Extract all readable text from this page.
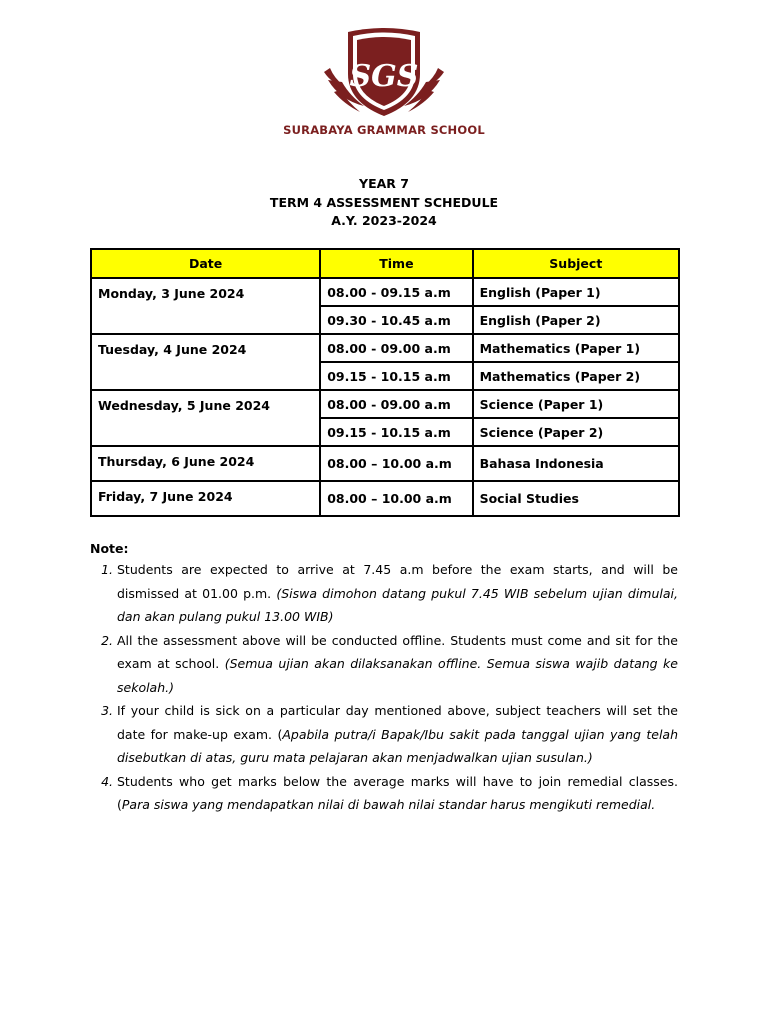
SGS
SURABAYA GRAMMAR SCHOOL
YEAR 7
TERM 4 ASSESSMENT SCHEDULE
A.Y. 2023-2024
Date	Time	Subject
Monday, 3 June 2024	08.00 - 09.15 a.m	English (Paper 1)
	09.30 - 10.45 a.m	English (Paper 2)
Tuesday, 4 June 2024	08.00 - 09.00 a.m	Mathematics (Paper 1)
	09.15 - 10.15 a.m	Mathematics (Paper 2)
Wednesday, 5 June 2024	08.00 - 09.00 a.m	Science (Paper 1)
	09.15 - 10.15 a.m	Science (Paper 2)
Thursday, 6 June 2024	08.00 – 10.00 a.m	Bahasa Indonesia
Friday, 7 June 2024	08.00 – 10.00 a.m	Social Studies
Note:
1. Students are expected to arrive at 7.45 a.m before the exam starts, and will be dismissed at 01.00 p.m. (Siswa dimohon datang pukul 7.45 WIB sebelum ujian dimulai, dan akan pulang pukul 13.00 WIB)
2. All the assessment above will be conducted offline. Students must come and sit for the exam at school. (Semua ujian akan dilaksanakan offline. Semua siswa wajib datang ke sekolah.)
3. If your child is sick on a particular day mentioned above, subject teachers will set the date for make-up exam. (Apabila putra/i Bapak/Ibu sakit pada tanggal ujian yang telah disebutkan di atas, guru mata pelajaran akan menjadwalkan ujian susulan.)
4. Students who get marks below the average marks will have to join remedial classes. (Para siswa yang mendapatkan nilai di bawah nilai standar harus mengikuti remedial.
